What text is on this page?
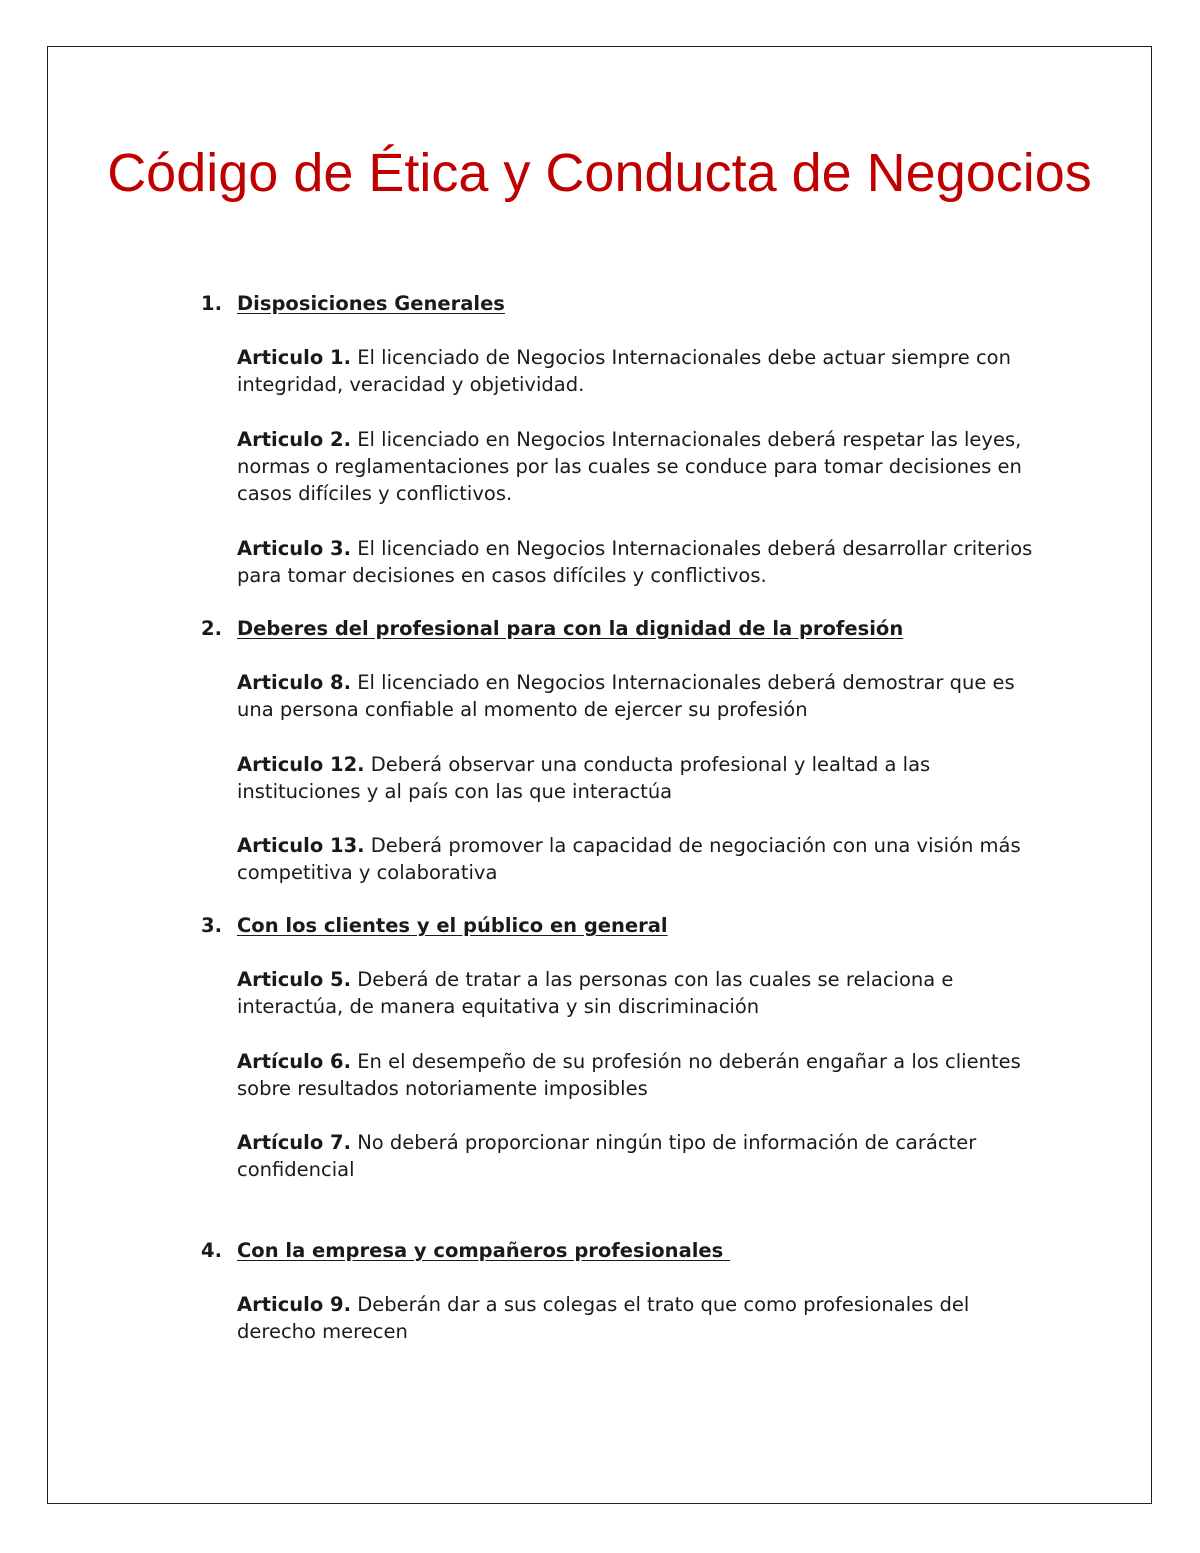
Código de Ética y Conducta de Negocios
1. Disposiciones Generales

Articulo 1. El licenciado de Negocios Internacionales debe actuar siempre con integridad, veracidad y objetividad.

Articulo 2. El licenciado en Negocios Internacionales deberá respetar las leyes, normas o reglamentaciones por las cuales se conduce para tomar decisiones en casos difíciles y conflictivos.

Articulo 3. El licenciado en Negocios Internacionales deberá desarrollar criterios para tomar decisiones en casos difíciles y conflictivos.

2. Deberes del profesional para con la dignidad de la profesión

Articulo 8. El licenciado en Negocios Internacionales deberá demostrar que es una persona confiable al momento de ejercer su profesión

Articulo 12. Deberá observar una conducta profesional y lealtad a las instituciones y al país con las que interactúa

Articulo 13. Deberá promover la capacidad de negociación con una visión más competitiva y colaborativa

3. Con los clientes y el público en general

Articulo 5. Deberá de tratar a las personas con las cuales se relaciona e interactúa, de manera equitativa y sin discriminación

Artículo 6. En el desempeño de su profesión no deberán engañar a los clientes sobre resultados notoriamente imposibles

Artículo 7. No deberá proporcionar ningún tipo de información de carácter confidencial

4. Con la empresa y compañeros profesionales

Articulo 9. Deberán dar a sus colegas el trato que como profesionales del derecho merecen
